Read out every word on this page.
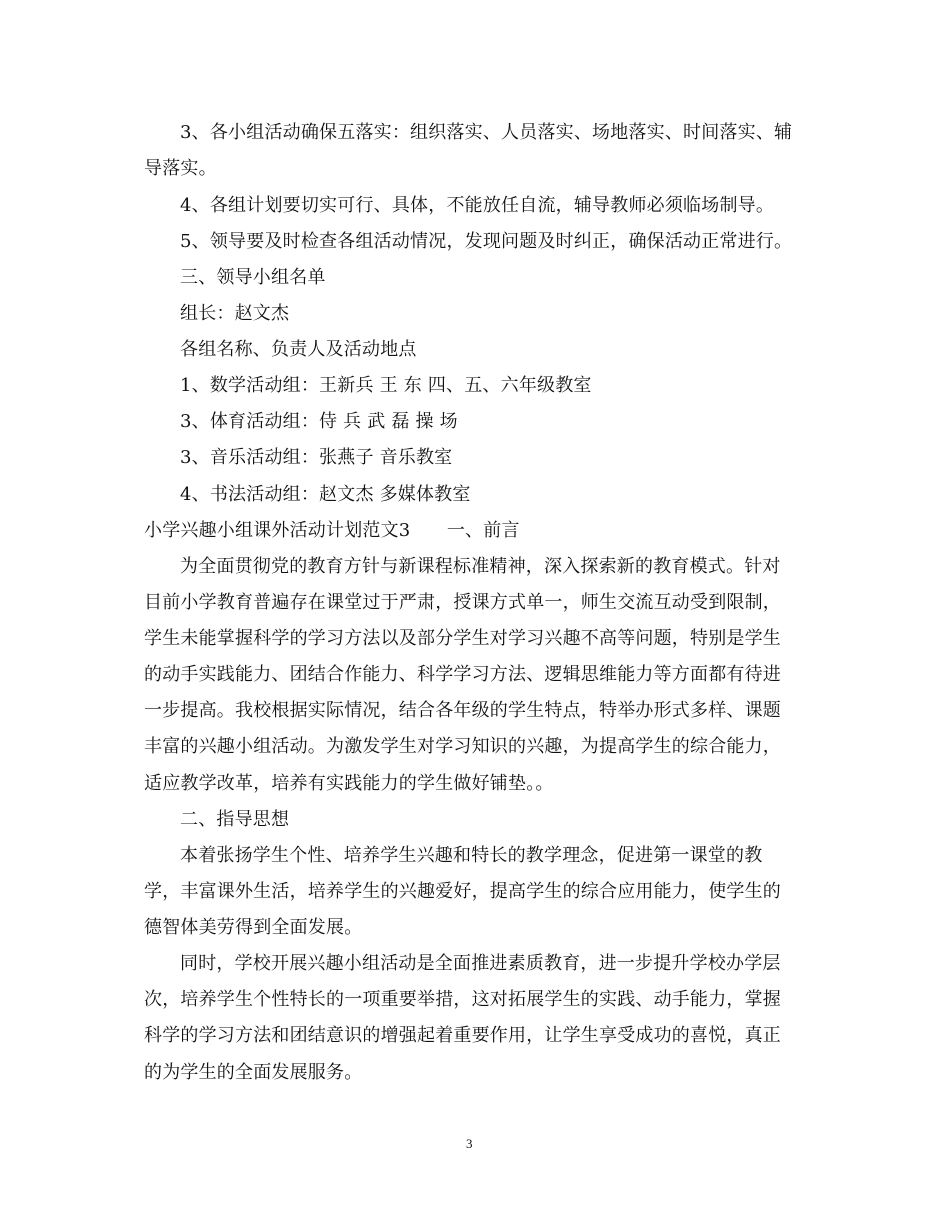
3、各小组活动确保五落实：组织落实、人员落实、场地落实、时间落实、辅
导落实。
4、各组计划要切实可行、具体，不能放任自流，辅导教师必须临场制导。
5、领导要及时检查各组活动情况，发现问题及时纠正，确保活动正常进行。
三、领导小组名单
组长：赵文杰
各组名称、负责人及活动地点
1、数学活动组：王新兵 王 东 四、五、六年级教室
3、体育活动组：侍 兵 武 磊 操 场
3、音乐活动组：张燕子 音乐教室
4、书法活动组：赵文杰 多媒体教室
小学兴趣小组课外活动计划范文3　　一、前言
为全面贯彻党的教育方针与新课程标准精神，深入探索新的教育模式。针对
目前小学教育普遍存在课堂过于严肃，授课方式单一，师生交流互动受到限制，
学生未能掌握科学的学习方法以及部分学生对学习兴趣不高等问题，特别是学生
的动手实践能力、团结合作能力、科学学习方法、逻辑思维能力等方面都有待进
一步提高。我校根据实际情况，结合各年级的学生特点，特举办形式多样、课题
丰富的兴趣小组活动。为激发学生对学习知识的兴趣，为提高学生的综合能力，
适应教学改革，培养有实践能力的学生做好铺垫。。
二、指导思想
本着张扬学生个性、培养学生兴趣和特长的教学理念，促进第一课堂的教
学，丰富课外生活，培养学生的兴趣爱好，提高学生的综合应用能力，使学生的
德智体美劳得到全面发展。
同时，学校开展兴趣小组活动是全面推进素质教育，进一步提升学校办学层
次，培养学生个性特长的一项重要举措，这对拓展学生的实践、动手能力，掌握
科学的学习方法和团结意识的增强起着重要作用，让学生享受成功的喜悦，真正
的为学生的全面发展服务。
3
